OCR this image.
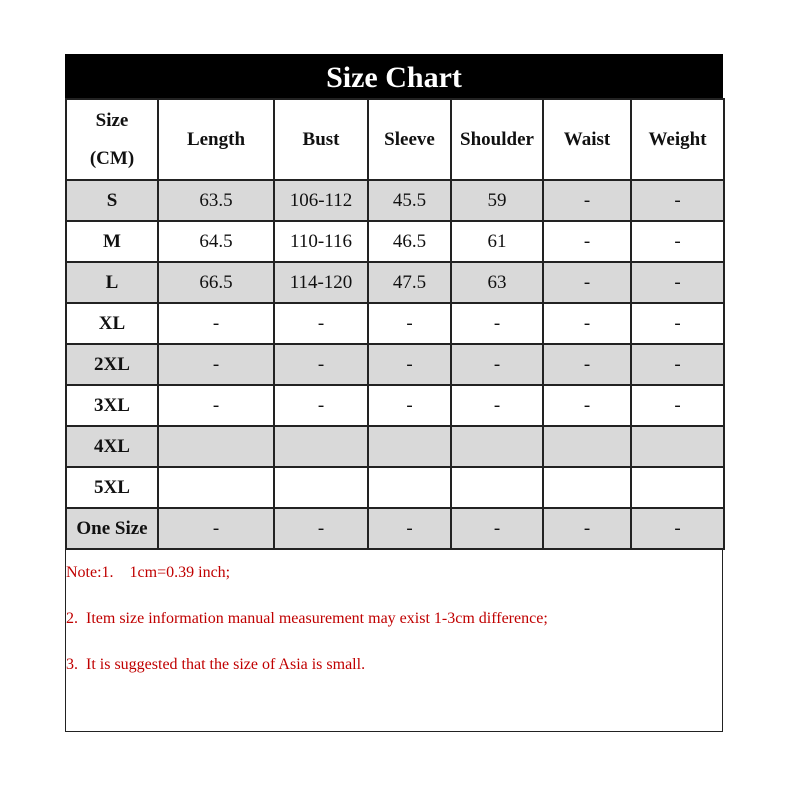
Size Chart
Size
(CM)	Length	Bust	Sleeve	Shoulder	Waist	Weight
S	63.5	106-112	45.5	59	-	-
M	64.5	110-116	46.5	61	-	-
L	66.5	114-120	47.5	63	-	-
XL	-	-	-	-	-	-
2XL	-	-	-	-	-	-
3XL	-	-	-	-	-	-
4XL						
5XL						
One Size	-	-	-	-	-	-
Note:1.    1cm=0.39 inch;
2.  Item size information manual measurement may exist 1-3cm difference;
3.  It is suggested that the size of Asia is small.
